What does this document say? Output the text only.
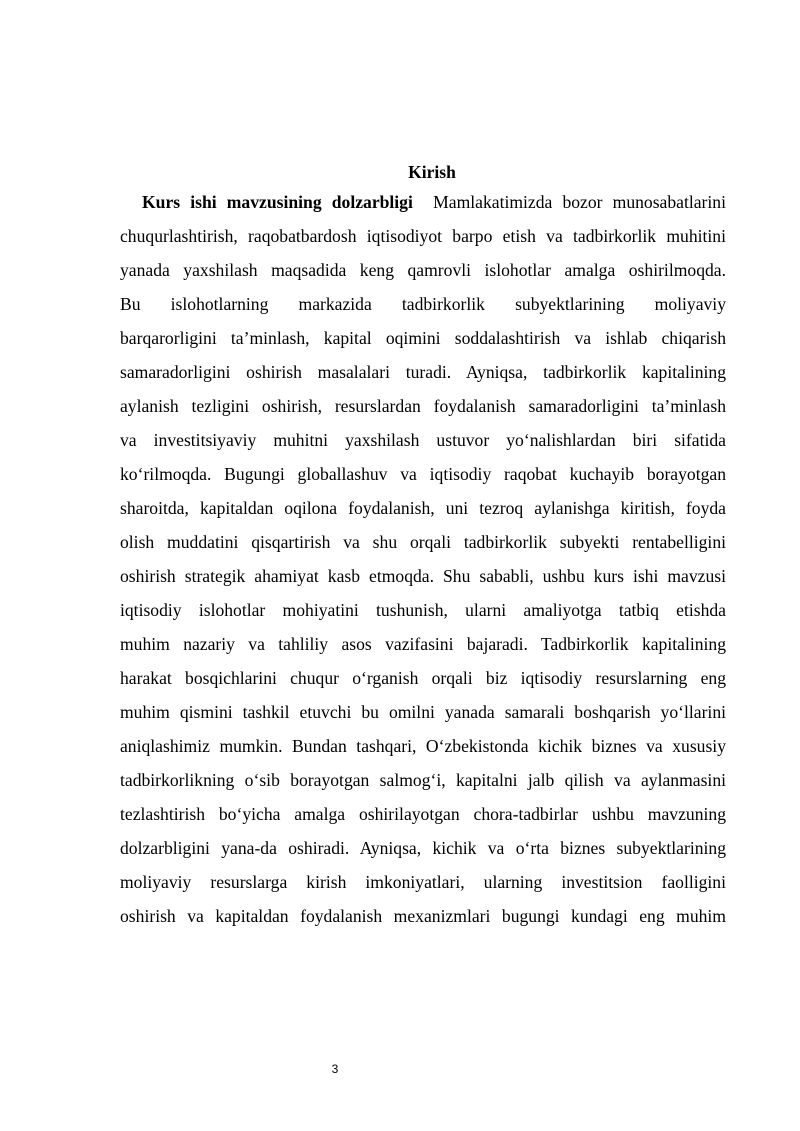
Kirish
Kurs ishi mavzusining dolzarbligi  Mamlakatimizda bozor munosabatlarini
chuqurlashtirish, raqobatbardosh iqtisodiyot barpo etish va tadbirkorlik muhitini
yanada yaxshilash maqsadida keng qamrovli islohotlar amalga oshirilmoqda.
Bu islohotlarning markazida tadbirkorlik subyektlarining moliyaviy
barqarorligini ta’minlash, kapital oqimini soddalashtirish va ishlab chiqarish
samaradorligini oshirish masalalari turadi. Ayniqsa, tadbirkorlik kapitalining
aylanish tezligini oshirish, resurslardan foydalanish samaradorligini ta’minlash
va investitsiyaviy muhitni yaxshilash ustuvor yo‘nalishlardan biri sifatida
ko‘rilmoqda. Bugungi globallashuv va iqtisodiy raqobat kuchayib borayotgan
sharoitda, kapitaldan oqilona foydalanish, uni tezroq aylanishga kiritish, foyda
olish muddatini qisqartirish va shu orqali tadbirkorlik subyekti rentabelligini
oshirish strategik ahamiyat kasb etmoqda. Shu sababli, ushbu kurs ishi mavzusi
iqtisodiy islohotlar mohiyatini tushunish, ularni amaliyotga tatbiq etishda
muhim nazariy va tahliliy asos vazifasini bajaradi. Tadbirkorlik kapitalining
harakat bosqichlarini chuqur o‘rganish orqali biz iqtisodiy resurslarning eng
muhim qismini tashkil etuvchi bu omilni yanada samarali boshqarish yo‘llarini
aniqlashimiz mumkin. Bundan tashqari, O‘zbekistonda kichik biznes va xususiy
tadbirkorlikning o‘sib borayotgan salmog‘i, kapitalni jalb qilish va aylanmasini
tezlashtirish bo‘yicha amalga oshirilayotgan chora-tadbirlar ushbu mavzuning
dolzarbligini yana-da oshiradi. Ayniqsa, kichik va o‘rta biznes subyektlarining
moliyaviy resurslarga kirish imkoniyatlari, ularning investitsion faolligini
oshirish va kapitaldan foydalanish mexanizmlari bugungi kundagi eng muhim
3
